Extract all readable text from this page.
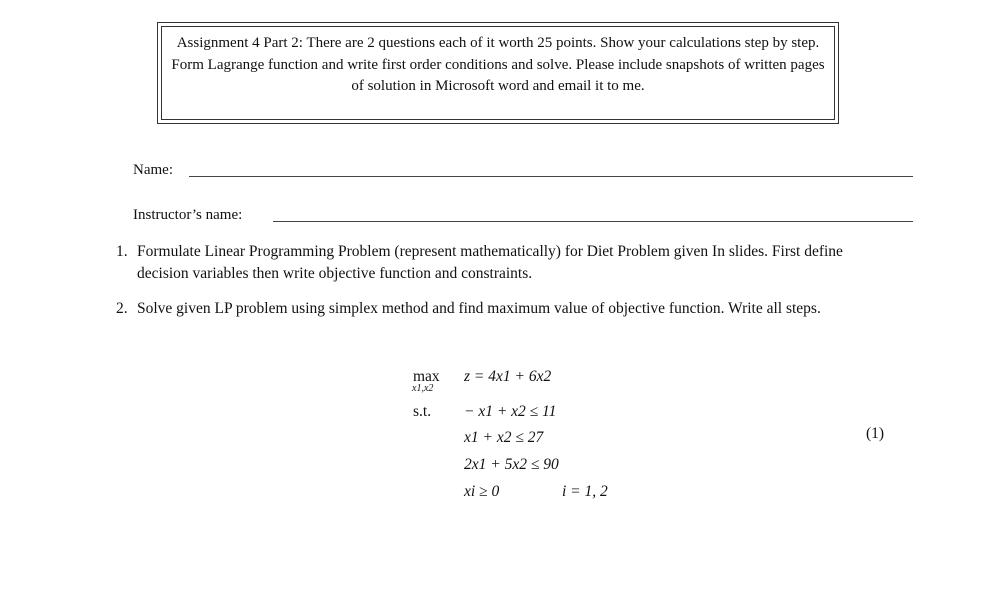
Assignment 4 Part 2: There are 2 questions each of it worth 25 points. Show your calculations step by step. Form Lagrange function and write first order conditions and solve. Please include snapshots of written pages of solution in Microsoft word and email it to me.
Name:
Instructor’s name:
1. Formulate Linear Programming Problem (represent mathematically) for Diet Problem given In slides. First define decision variables then write objective function and constraints.
2. Solve given LP problem using simplex method and find maximum value of objective function. Write all steps.
max
x1,x2
z = 4x1 + 6x2
s.t. − x1 + x2 ≤ 11
x1 + x2 ≤ 27
2x1 + 5x2 ≤ 90
xi ≥ 0	i = 1, 2
(1)
